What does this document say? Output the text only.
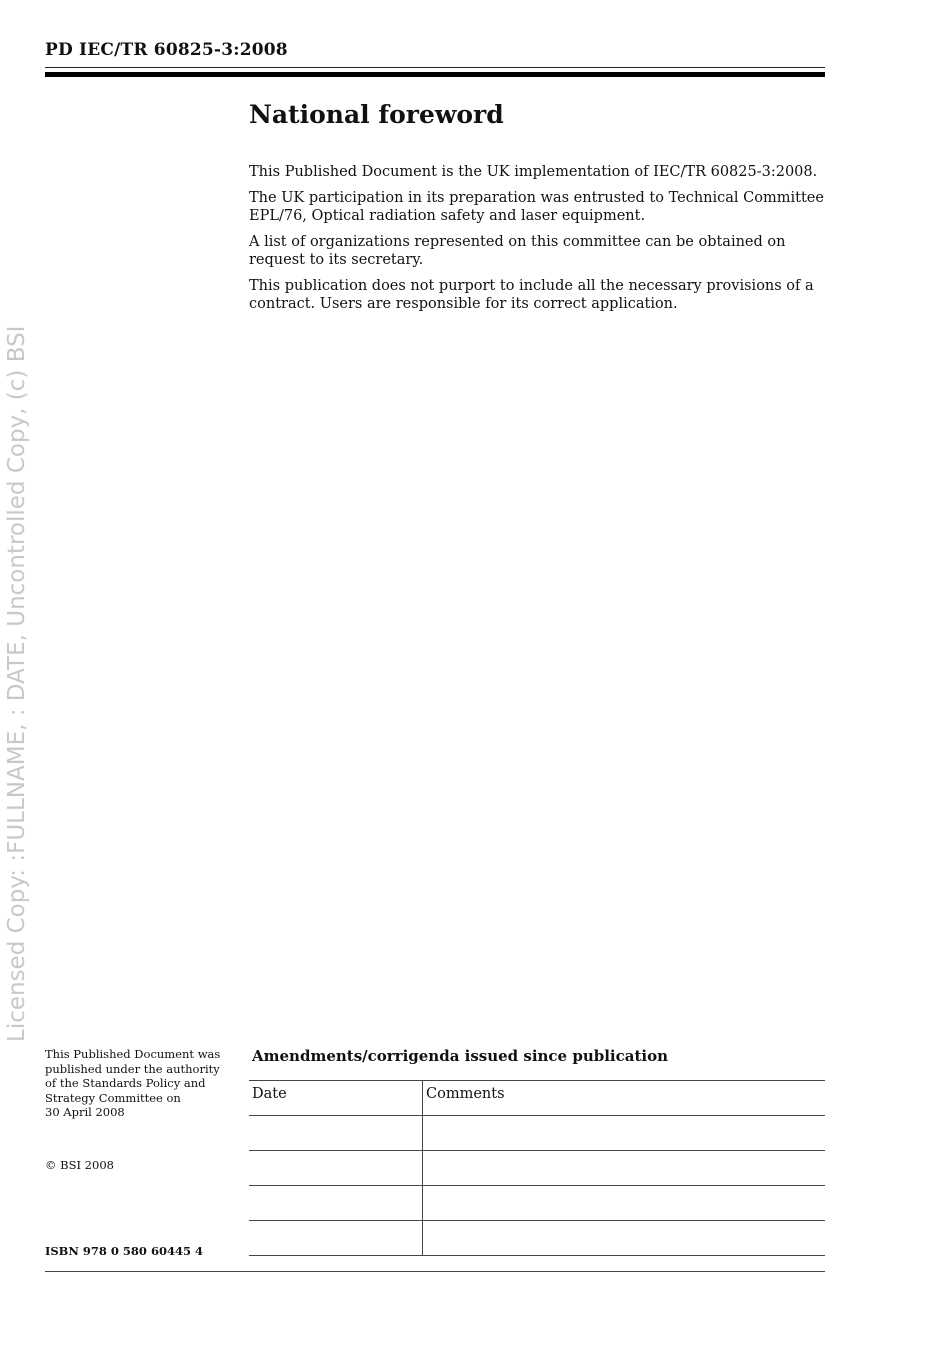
PD IEC/TR 60825-3:2008
Licensed Copy: :FULLNAME, : DATE, Uncontrolled Copy, (c) BSI
National foreword

This Published Document is the UK implementation of IEC/TR 60825-3:2008.

The UK participation in its preparation was entrusted to Technical Committee EPL/76, Optical radiation safety and laser equipment.

A list of organizations represented on this committee can be obtained on request to its secretary.

This publication does not purport to include all the necessary provisions of a contract. Users are responsible for its correct application.

This Published Document was
published under the authority
of the Standards Policy and
Strategy Committee on
30 April 2008
© BSI 2008
ISBN 978 0 580 60445 4
Amendments/corrigenda issued since publication
Date	Comments
